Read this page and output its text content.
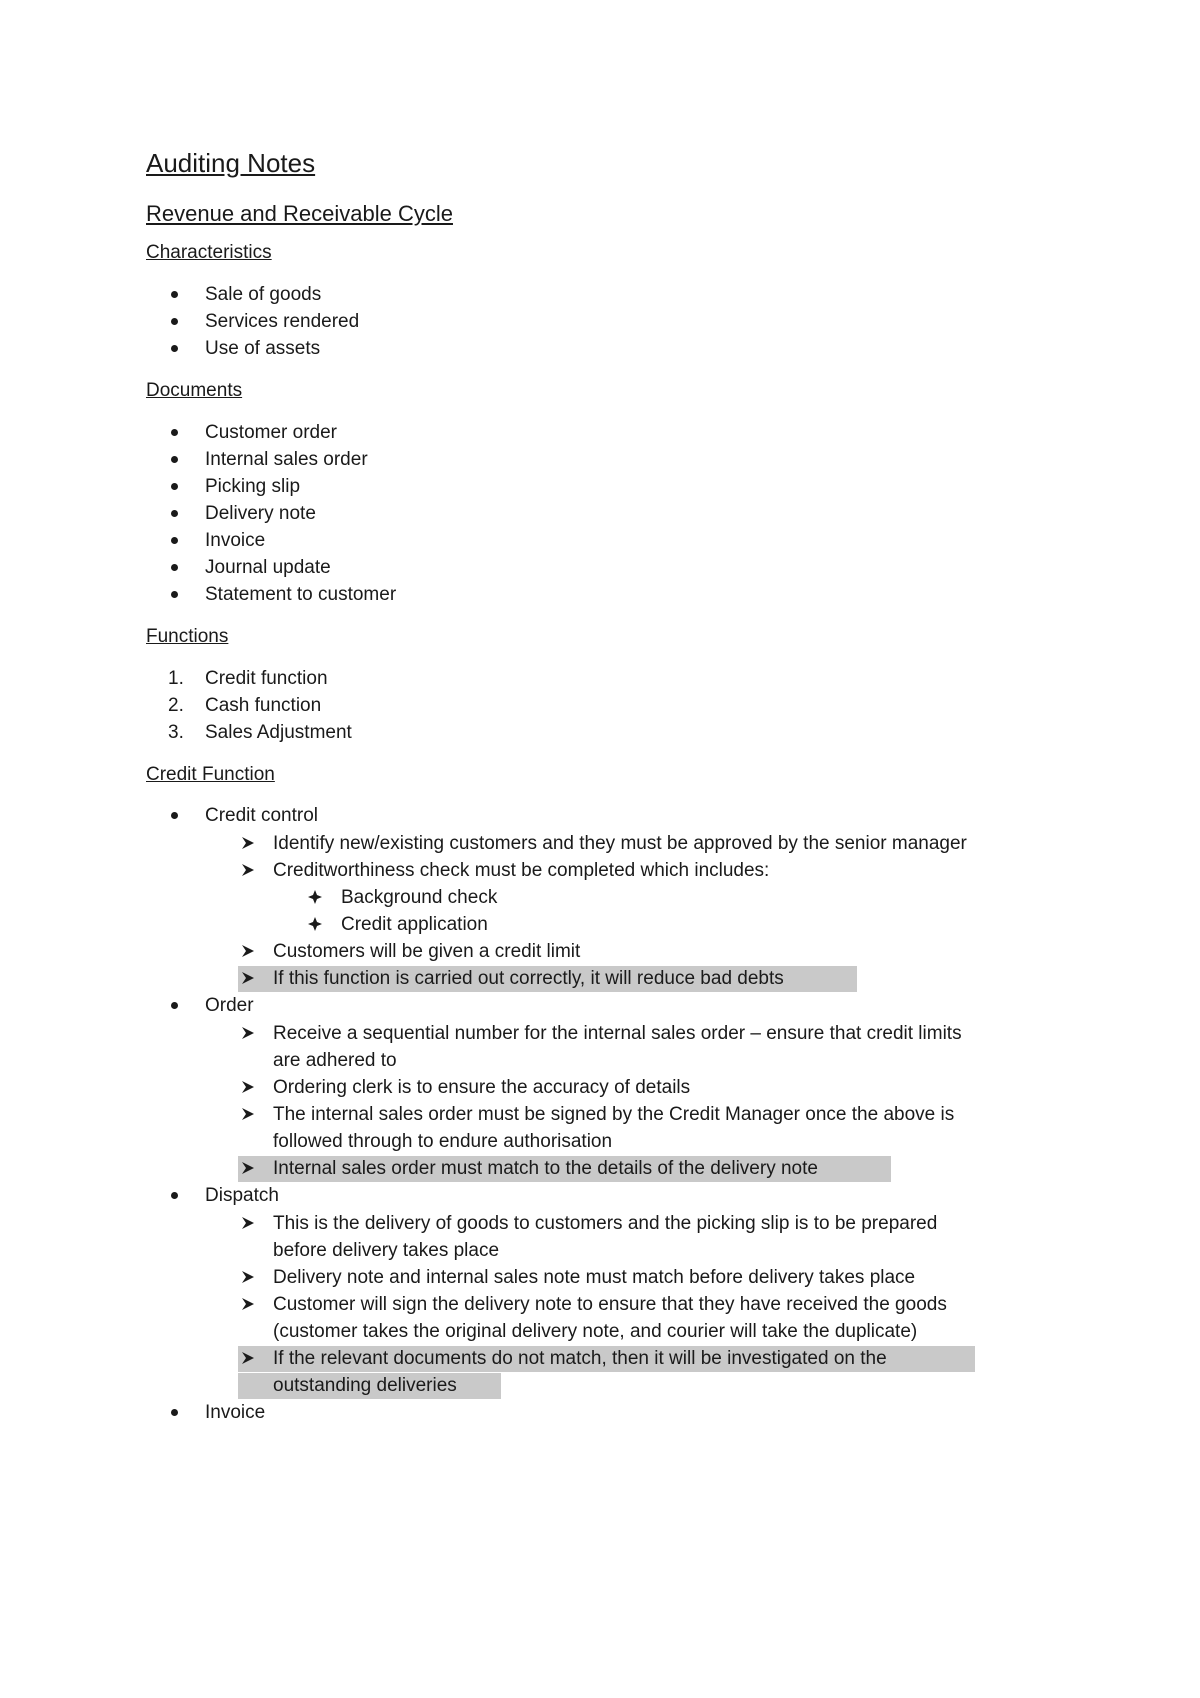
Auditing Notes
Revenue and Receivable Cycle
Characteristics
Sale of goods
Services rendered
Use of assets
Documents
Customer order
Internal sales order
Picking slip
Delivery note
Invoice
Journal update
Statement to customer
Functions
1. Credit function
2. Cash function
3. Sales Adjustment
Credit Function
Credit control
Identify new/existing customers and they must be approved by the senior manager
Creditworthiness check must be completed which includes:
Background check
Credit application
Customers will be given a credit limit
If this function is carried out correctly, it will reduce bad debts
Order
Receive a sequential number for the internal sales order – ensure that credit limits
are adhered to
Ordering clerk is to ensure the accuracy of details
The internal sales order must be signed by the Credit Manager once the above is
followed through to endure authorisation
Internal sales order must match to the details of the delivery note
Dispatch
This is the delivery of goods to customers and the picking slip is to be prepared
before delivery takes place
Delivery note and internal sales note must match before delivery takes place
Customer will sign the delivery note to ensure that they have received the goods
(customer takes the original delivery note, and courier will take the duplicate)
If the relevant documents do not match, then it will be investigated on the
outstanding deliveries
Invoice
